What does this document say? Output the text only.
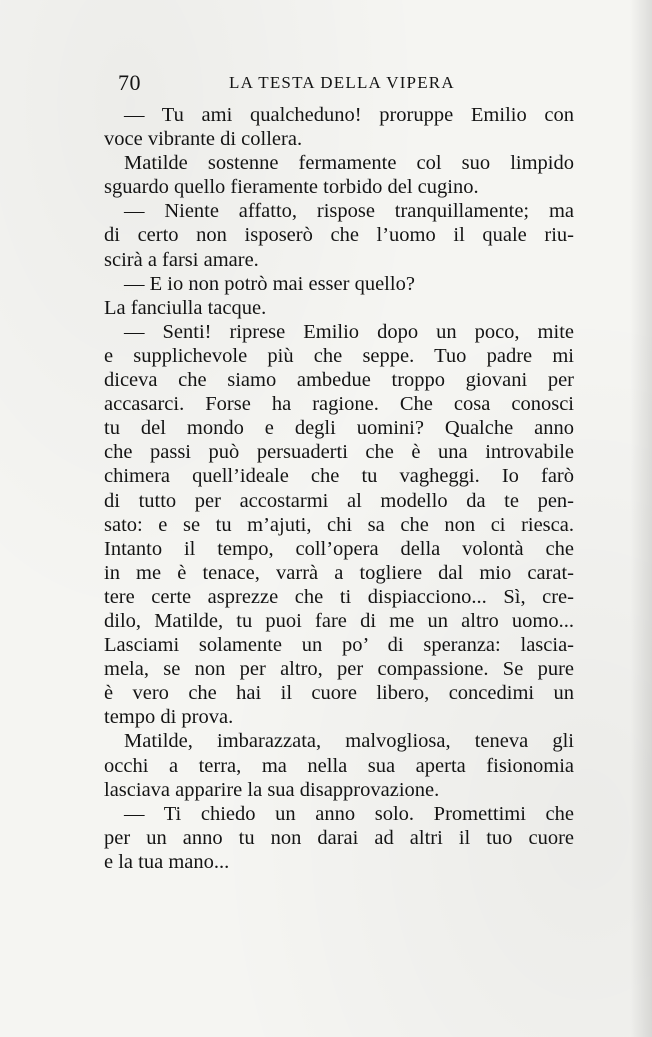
70	LA TESTA DELLA VIPERA
— Tu ami qualcheduno! proruppe Emilio con
voce vibrante di collera.
Matilde sostenne fermamente col suo limpido
sguardo quello fieramente torbido del cugino.
— Niente affatto, rispose tranquillamente; ma
di certo non isposerò che l’uomo il quale riu-
scirà a farsi amare.
— E io non potrò mai esser quello?
La fanciulla tacque.
— Senti! riprese Emilio dopo un poco, mite
e supplichevole più che seppe. Tuo padre mi
diceva che siamo ambedue troppo giovani per
accasarci. Forse ha ragione. Che cosa conosci
tu del mondo e degli uomini? Qualche anno
che passi può persuaderti che è una introvabile
chimera quell’ideale che tu vagheggi. Io farò
di tutto per accostarmi al modello da te pen-
sato: e se tu m’ajuti, chi sa che non ci riesca.
Intanto il tempo, coll’opera della volontà che
in me è tenace, varrà a togliere dal mio carat-
tere certe asprezze che ti dispiacciono... Sì, cre-
dilo, Matilde, tu puoi fare di me un altro uomo...
Lasciami solamente un po’ di speranza: lascia-
mela, se non per altro, per compassione. Se pure
è vero che hai il cuore libero, concedimi un
tempo di prova.
Matilde, imbarazzata, malvogliosa, teneva gli
occhi a terra, ma nella sua aperta fisionomia
lasciava apparire la sua disapprovazione.
— Ti chiedo un anno solo. Promettimi che
per un anno tu non darai ad altri il tuo cuore
e la tua mano...
